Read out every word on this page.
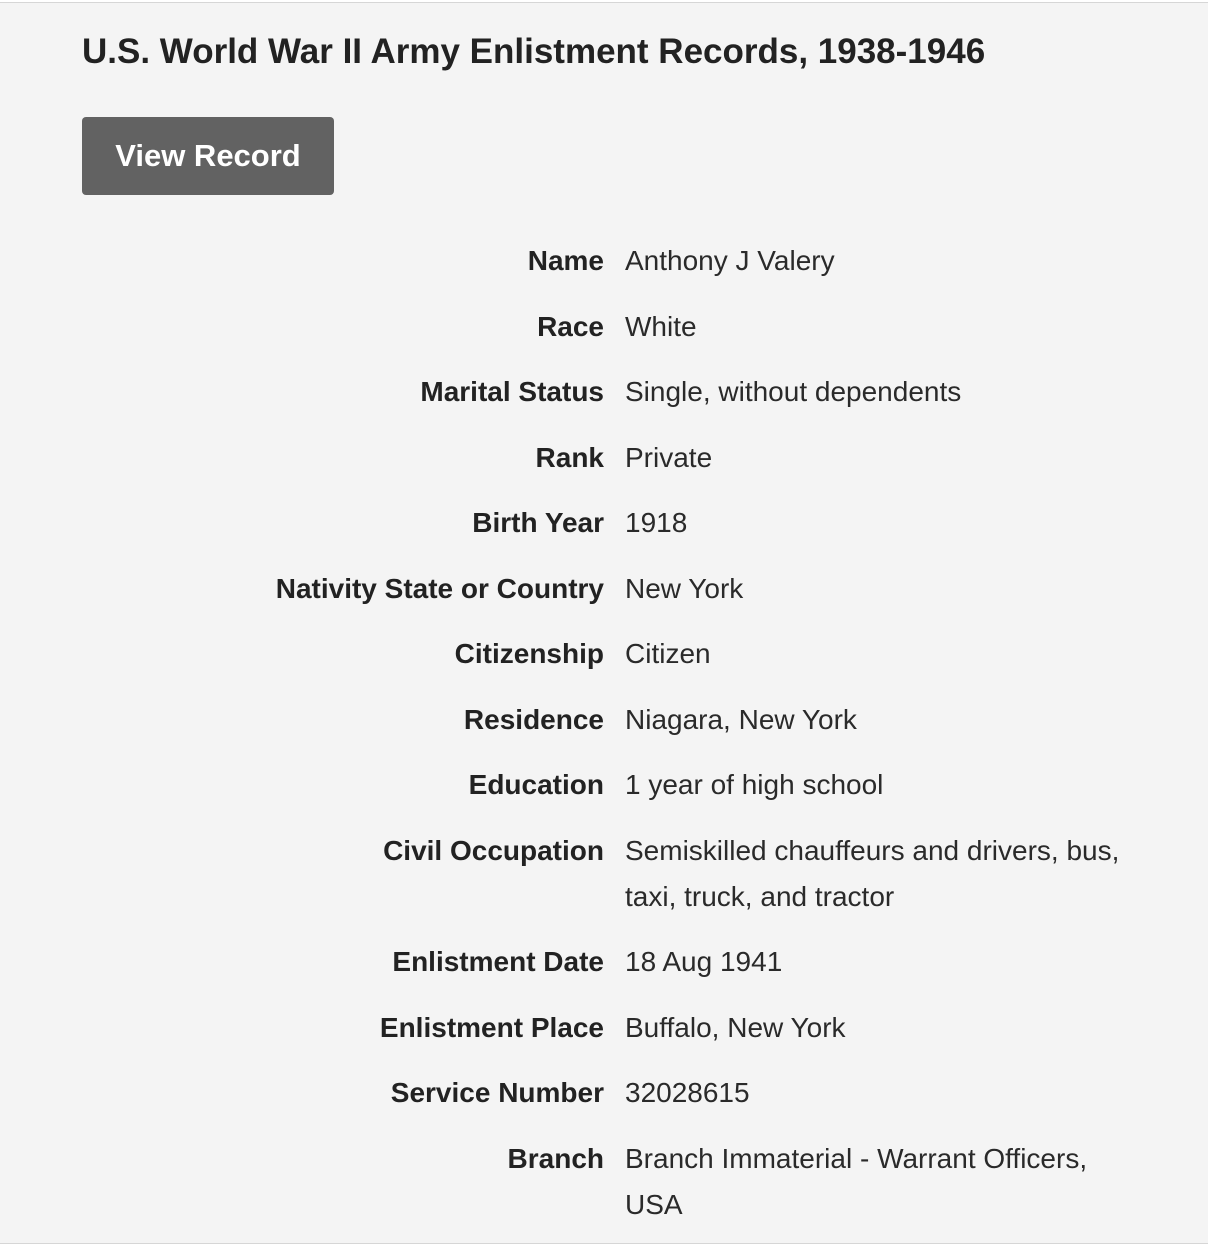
U.S. World War II Army Enlistment Records, 1938-1946
View Record
Name Anthony J Valery
Race White
Marital Status Single, without dependents
Rank Private
Birth Year 1918
Nativity State or Country New York
Citizenship Citizen
Residence Niagara, New York
Education 1 year of high school
Civil Occupation Semiskilled chauffeurs and drivers, bus, taxi, truck, and tractor
Enlistment Date 18 Aug 1941
Enlistment Place Buffalo, New York
Service Number 32028615
Branch Branch Immaterial - Warrant Officers, USA
